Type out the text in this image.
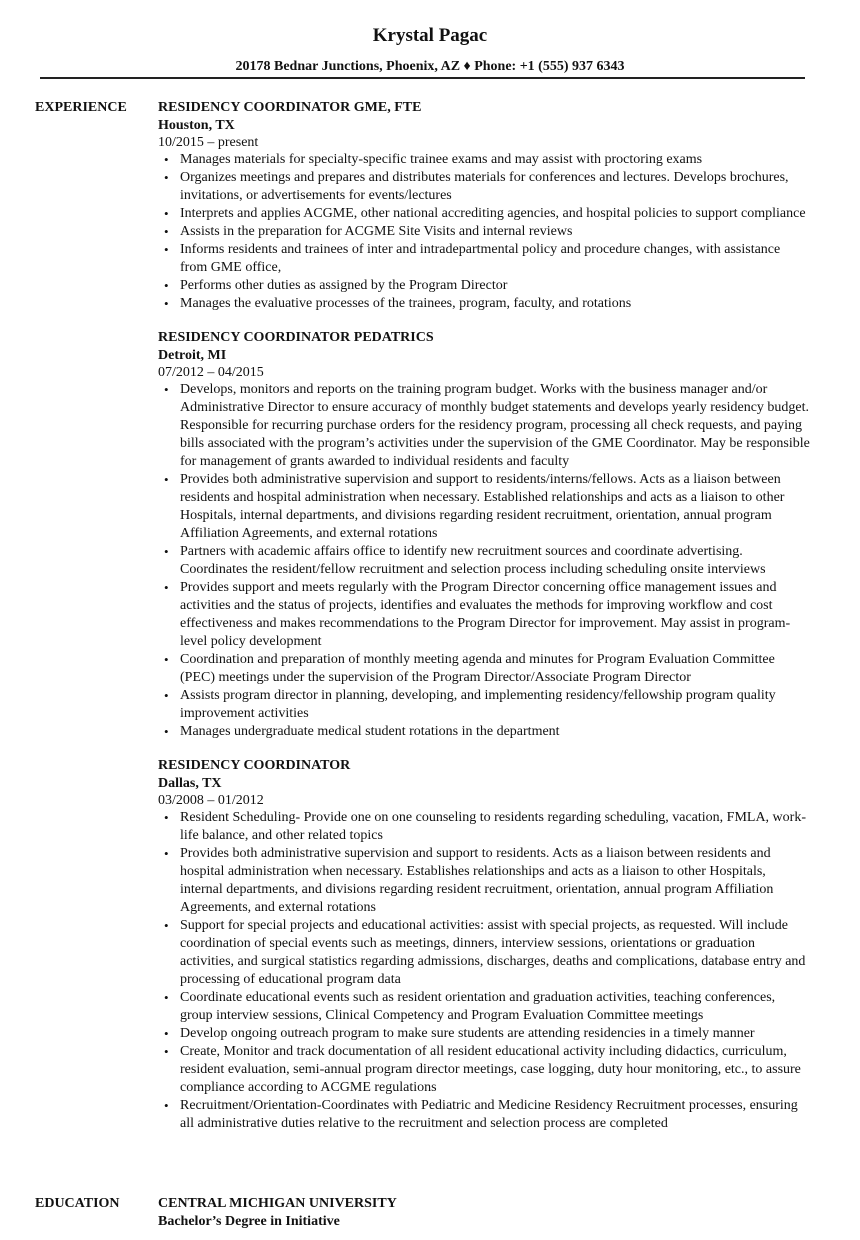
Krystal Pagac
20178 Bednar Junctions, Phoenix, AZ ♦ Phone: +1 (555) 937 6343
EXPERIENCE RESIDENCY COORDINATOR GME, FTE
Houston, TX
10/2015 – present
• Manages materials for specialty-specific trainee exams and may assist with proctoring exams
• Organizes meetings and prepares and distributes materials for conferences and lectures. Develops brochures, invitations, or advertisements for events/lectures
• Interprets and applies ACGME, other national accrediting agencies, and hospital policies to support compliance
• Assists in the preparation for ACGME Site Visits and internal reviews
• Informs residents and trainees of inter and intradepartmental policy and procedure changes, with assistance from GME office,
• Performs other duties as assigned by the Program Director
• Manages the evaluative processes of the trainees, program, faculty, and rotations
RESIDENCY COORDINATOR PEDATRICS
Detroit, MI
07/2012 – 04/2015
• Develops, monitors and reports on the training program budget. Works with the business manager and/or Administrative Director to ensure accuracy of monthly budget statements and develops yearly residency budget. Responsible for recurring purchase orders for the residency program, processing all check requests, and paying bills associated with the program’s activities under the supervision of the GME Coordinator. May be responsible for management of grants awarded to individual residents and faculty
• Provides both administrative supervision and support to residents/interns/fellows. Acts as a liaison between residents and hospital administration when necessary. Established relationships and acts as a liaison to other Hospitals, internal departments, and divisions regarding resident recruitment, orientation, annual program Affiliation Agreements, and external rotations
• Partners with academic affairs office to identify new recruitment sources and coordinate advertising. Coordinates the resident/fellow recruitment and selection process including scheduling onsite interviews
• Provides support and meets regularly with the Program Director concerning office management issues and activities and the status of projects, identifies and evaluates the methods for improving workflow and cost effectiveness and makes recommendations to the Program Director for improvement. May assist in program-level policy development
• Coordination and preparation of monthly meeting agenda and minutes for Program Evaluation Committee (PEC) meetings under the supervision of the Program Director/Associate Program Director
• Assists program director in planning, developing, and implementing residency/fellowship program quality improvement activities
• Manages undergraduate medical student rotations in the department
RESIDENCY COORDINATOR
Dallas, TX
03/2008 – 01/2012
• Resident Scheduling- Provide one on one counseling to residents regarding scheduling, vacation, FMLA, work-life balance, and other related topics
• Provides both administrative supervision and support to residents. Acts as a liaison between residents and hospital administration when necessary. Establishes relationships and acts as a liaison to other Hospitals, internal departments, and divisions regarding resident recruitment, orientation, annual program Affiliation Agreements, and external rotations
• Support for special projects and educational activities: assist with special projects, as requested. Will include coordination of special events such as meetings, dinners, interview sessions, orientations or graduation activities, and surgical statistics regarding admissions, discharges, deaths and complications, database entry and processing of educational program data
• Coordinate educational events such as resident orientation and graduation activities, teaching conferences, group interview sessions, Clinical Competency and Program Evaluation Committee meetings
• Develop ongoing outreach program to make sure students are attending residencies in a timely manner
• Create, Monitor and track documentation of all resident educational activity including didactics, curriculum, resident evaluation, semi-annual program director meetings, case logging, duty hour monitoring, etc., to assure compliance according to ACGME regulations
• Recruitment/Orientation-Coordinates with Pediatric and Medicine Residency Recruitment processes, ensuring all administrative duties relative to the recruitment and selection process are completed
EDUCATION	CENTRAL MICHIGAN UNIVERSITY
Bachelor’s Degree in Initiative
